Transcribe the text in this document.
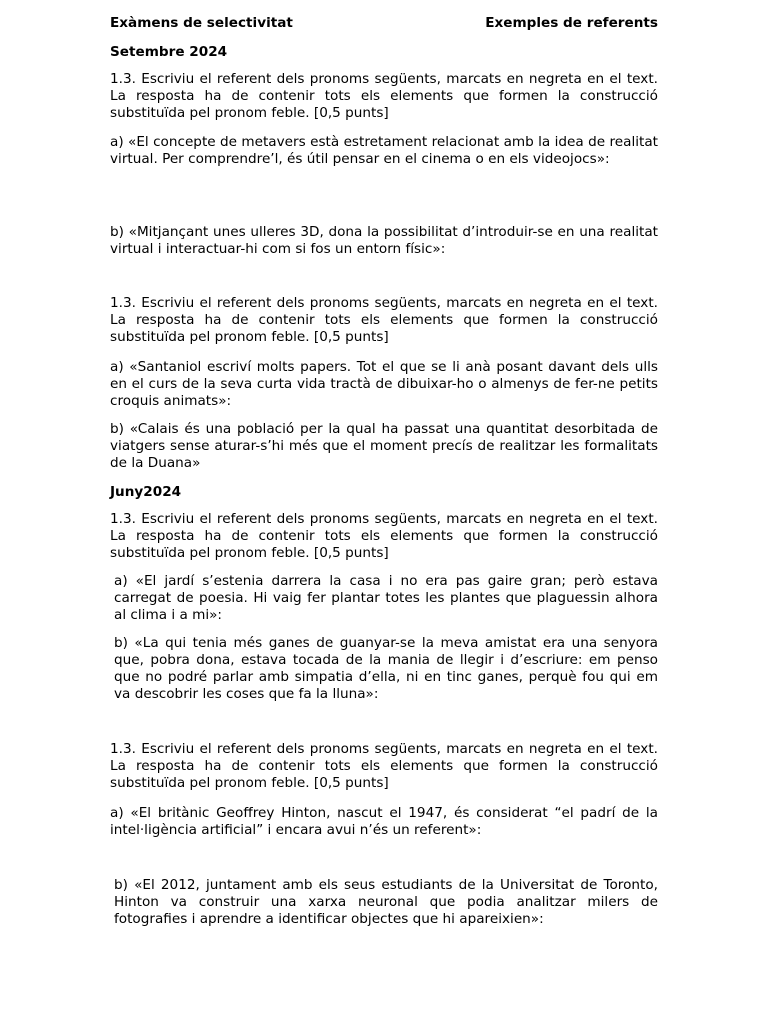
Exàmens de selectivitat	Exemples de referents
Setembre 2024

1.3. Escriviu el referent dels pronoms següents, marcats en negreta en el text. La resposta ha de contenir tots els elements que formen la construcció substituïda pel pronom feble. [0,5 punts]

a) «El concepte de metavers està estretament relacionat amb la idea de realitat virtual. Per comprendre’l, és útil pensar en el cinema o en els videojocs»:

b) «Mitjançant unes ulleres 3D, dona la possibilitat d’introduir-se en una realitat virtual i interactuar-hi com si fos un entorn físic»:

1.3. Escriviu el referent dels pronoms següents, marcats en negreta en el text. La resposta ha de contenir tots els elements que formen la construcció substituïda pel pronom feble. [0,5 punts]

a) «Santaniol escriví molts papers. Tot el que se li anà posant davant dels ulls en el curs de la seva curta vida tractà de dibuixar-ho o almenys de fer-ne petits croquis animats»:

b) «Calais és una població per la qual ha passat una quantitat desorbitada de viatgers sense aturar-s’hi més que el moment precís de realitzar les formalitats de la Duana»

Juny2024

1.3. Escriviu el referent dels pronoms següents, marcats en negreta en el text. La resposta ha de contenir tots els elements que formen la construcció substituïda pel pronom feble. [0,5 punts]

a) «El jardí s’estenia darrera la casa i no era pas gaire gran; però estava carregat de poesia. Hi vaig fer plantar totes les plantes que plaguessin alhora al clima i a mi»:

b) «La qui tenia més ganes de guanyar-se la meva amistat era una senyora que, pobra dona, estava tocada de la mania de llegir i d’escriure: em penso que no podré parlar amb simpatia d’ella, ni en tinc ganes, perquè fou qui em va descobrir les coses que fa la lluna»:

1.3. Escriviu el referent dels pronoms següents, marcats en negreta en el text. La resposta ha de contenir tots els elements que formen la construcció substituïda pel pronom feble. [0,5 punts]

a) «El britànic Geoffrey Hinton, nascut el 1947, és considerat “el padrí de la intel·ligència artificial” i encara avui n’és un referent»:

b) «El 2012, juntament amb els seus estudiants de la Universitat de Toronto, Hinton va construir una xarxa neuronal que podia analitzar milers de fotografies i aprendre a identificar objectes que hi apareixien»:
